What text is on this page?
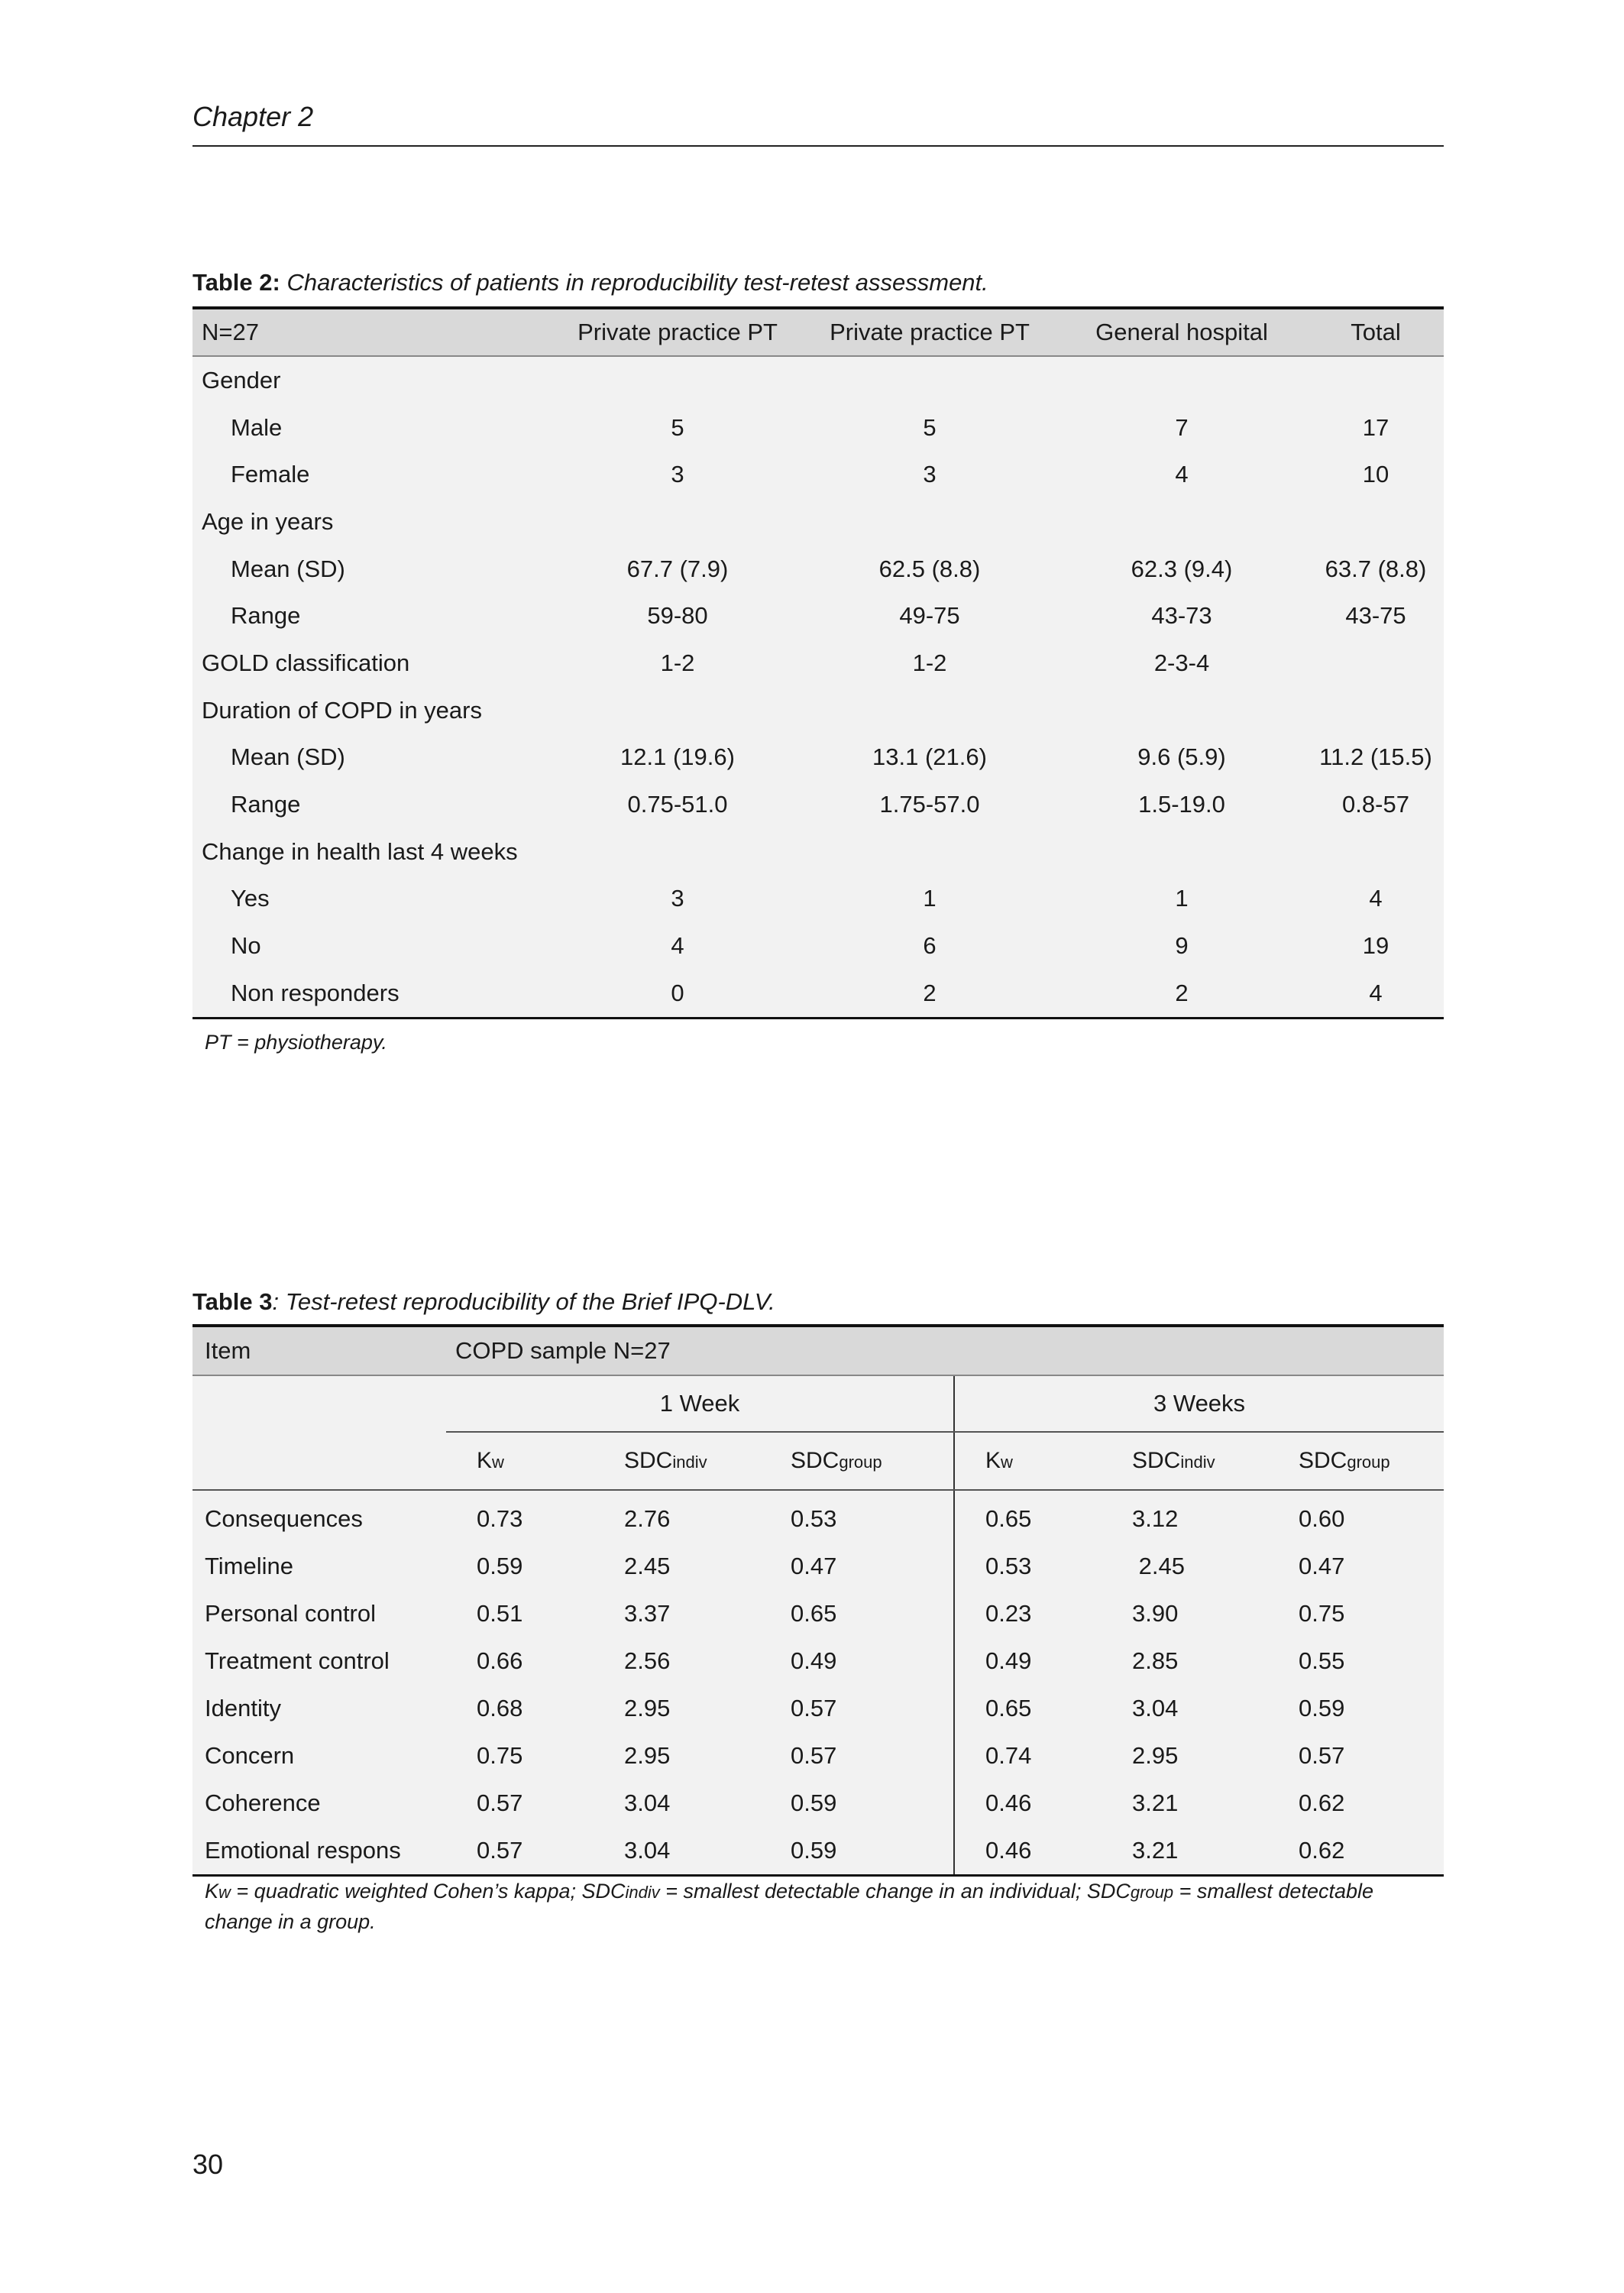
Chapter 2
Table 2: Characteristics of patients in reproducibility test-retest assessment.
N=27	Private practice PT	Private practice PT	General hospital	Total
Gender				
Male	5	5	7	17
Female	3	3	4	10
Age in years				
Mean (SD)	67.7 (7.9)	62.5 (8.8)	62.3 (9.4)	63.7 (8.8)
Range	59-80	49-75	43-73	43-75
GOLD classification	1-2	1-2	2-3-4	
Duration of COPD in years				
Mean (SD)	12.1 (19.6)	13.1 (21.6)	9.6 (5.9)	11.2 (15.5)
Range	0.75-51.0	1.75-57.0	1.5-19.0	0.8-57
Change in health last 4 weeks				
Yes	3	1	1	4
No	4	6	9	19
Non responders	0	2	2	4
PT = physiotherapy.
Table 3: Test-retest reproducibility of the Brief IPQ-DLV.
Item	COPD sample N=27					
	1 Week			3 Weeks		
	Kw	SDCindiv	SDCgroup	Kw	SDCindiv	SDCgroup
Consequences	0.73	2.76	0.53	0.65	3.12	0.60
Timeline	0.59	2.45	0.47	0.53	2.45	0.47
Personal control	0.51	3.37	0.65	0.23	3.90	0.75
Treatment control	0.66	2.56	0.49	0.49	2.85	0.55
Identity	0.68	2.95	0.57	0.65	3.04	0.59
Concern	0.75	2.95	0.57	0.74	2.95	0.57
Coherence	0.57	3.04	0.59	0.46	3.21	0.62
Emotional respons	0.57	3.04	0.59	0.46	3.21	0.62
Kw = quadratic weighted Cohen’s kappa; SDCindiv = smallest detectable change in an individual; SDCgroup = smallest detectable change in a group.
30
